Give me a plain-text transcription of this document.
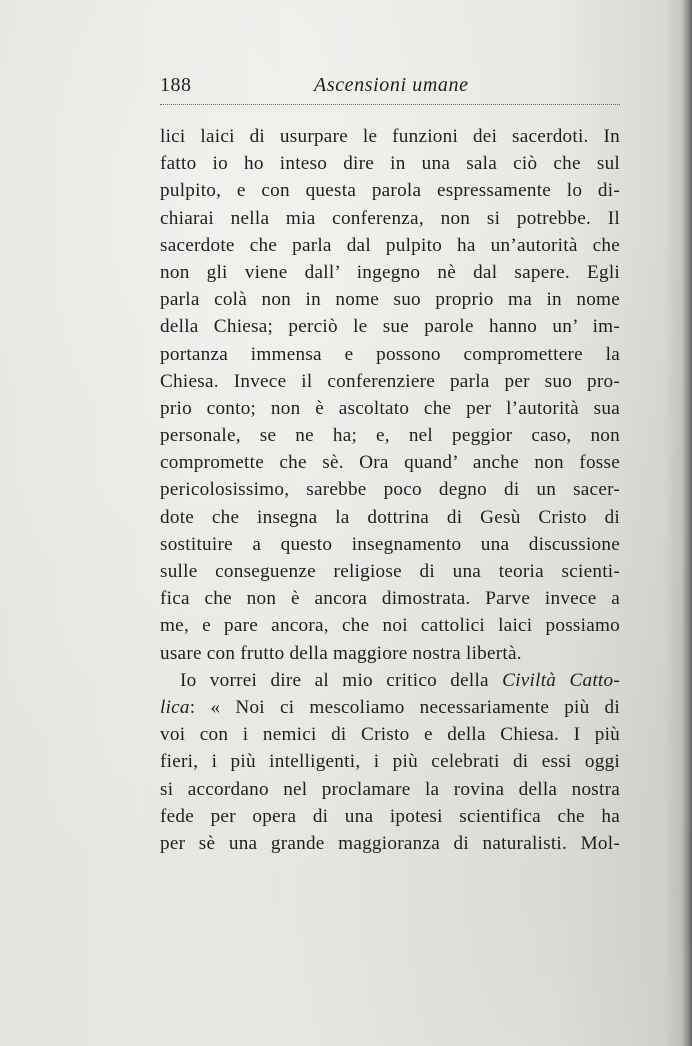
188	Ascensioni umane
lici laici di usurpare le funzioni dei sacerdoti. In
fatto io ho inteso dire in una sala ciò che sul
pulpito, e con questa parola espressamente lo di-
chiarai nella mia conferenza, non si potrebbe. Il
sacerdote che parla dal pulpito ha un’autorità che
non gli viene dall’ ingegno nè dal sapere. Egli
parla colà non in nome suo proprio ma in nome
della Chiesa; perciò le sue parole hanno un’ im-
portanza immensa e possono compromettere la
Chiesa. Invece il conferenziere parla per suo pro-
prio conto; non è ascoltato che per l’autorità sua
personale, se ne ha; e, nel peggior caso, non
compromette che sè. Ora quand’ anche non fosse
pericolosissimo, sarebbe poco degno di un sacer-
dote che insegna la dottrina di Gesù Cristo di
sostituire a questo insegnamento una discussione
sulle conseguenze religiose di una teoria scienti-
fica che non è ancora dimostrata. Parve invece a
me, e pare ancora, che noi cattolici laici possiamo
usare con frutto della maggiore nostra libertà.
Io vorrei dire al mio critico della Civiltà Catto-
lica: « Noi ci mescoliamo necessariamente più di
voi con i nemici di Cristo e della Chiesa. I più
fieri, i più intelligenti, i più celebrati di essi oggi
si accordano nel proclamare la rovina della nostra
fede per opera di una ipotesi scientifica che ha
per sè una grande maggioranza di naturalisti. Mol-
